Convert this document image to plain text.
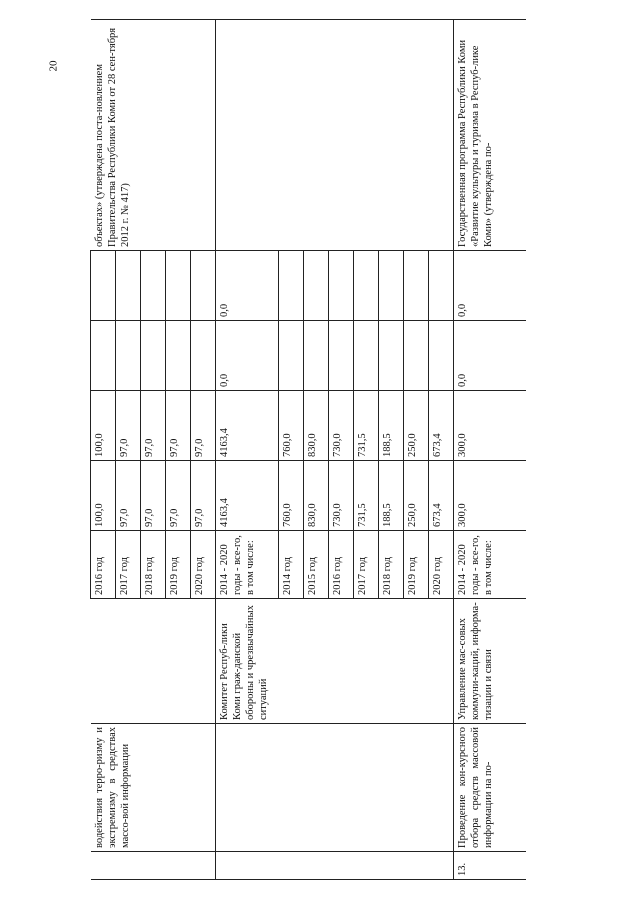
20
	водействия терро-ризму и экстремизму в средствах массо-вой информации		2016 год	100,0	100,0			объектах» (утверждена поста-новлением Правительства Республики Коми от 28 сен-тября 2012 г. № 417)
			2017 год	97,0	97,0			
			2018 год	97,0	97,0			
			2019 год	97,0	97,0			
			2020 год	97,0	97,0			
		Комитет Респуб-лики Коми граж-данской обороны и чрезвычайных ситуаций	2014 - 2020 годы - все-го, в том числе:	4163,4	4163,4	0,0	0,0	
			2014 год	760,0	760,0			
			2015 год	830,0	830,0			
			2016 год	730,0	730,0			
			2017 год	731,5	731,5			
			2018 год	188,5	188,5			
			2019 год	250,0	250,0			
			2020 год	673,4	673,4			
13.	Проведение кон-курсного отбора средств массовой информации на по-	Управление мас-совых коммуни-каций, информа-тизации и связи	2014 - 2020 годы - все-го, в том числе:	300,0	300,0	0,0	0,0	Государственная программа Республики Коми «Развитие культуры и туризма в Респуб-лике Коми» (утверждена по-
